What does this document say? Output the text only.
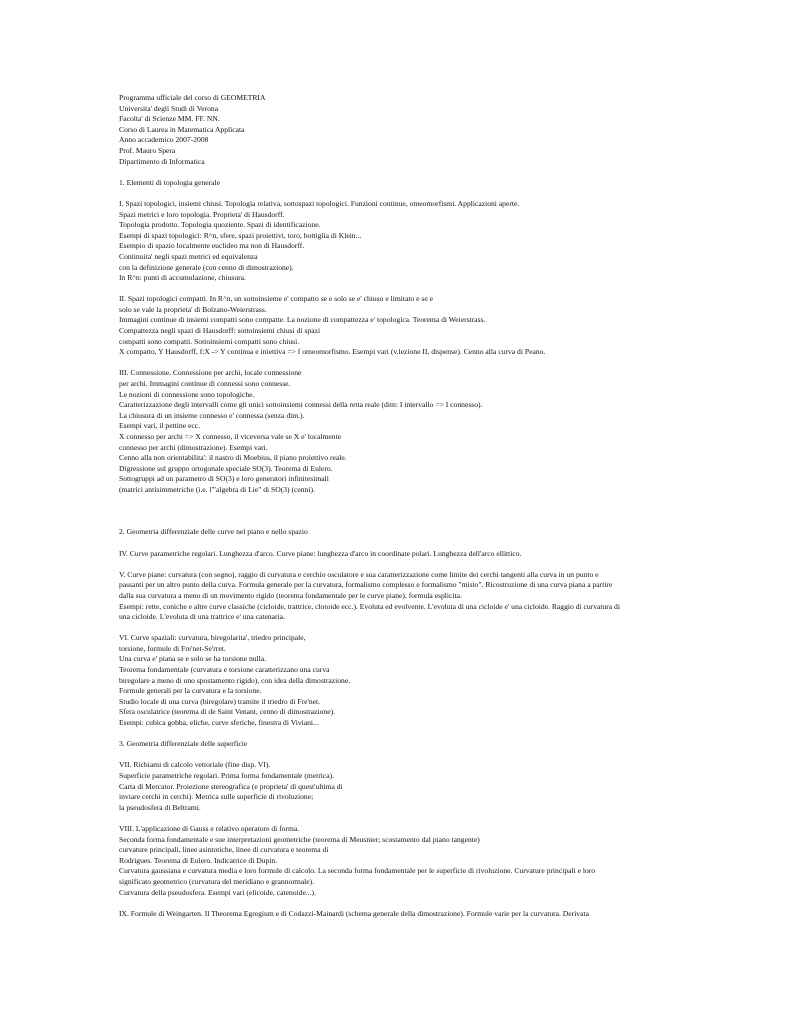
Programma ufficiale del corso di GEOMETRIA
Universita' degli Studi di Verona
Facolta' di Scienze MM. FF. NN.
Corso di Laurea in Matematica Applicata
Anno accademico 2007-2008
Prof. Mauro Spera
Dipartimento di Informatica
1. Elementi di topologia generale
I. Spazi topologici, insiemi chiusi. Topologia relativa, sottospazi topologici. Funzioni continue, omeomorfismi. Applicazioni aperte.
Spazi metrici e loro topologia. Proprieta' di Hausdorff.
Topologia prodotto. Topologia quoziente. Spazi di identificazione.
Esempi di spazi topologici: R^n, sfere, spazi proiettivi, toro, bottiglia di Klein...
Esempio di spazio localmente euclideo ma non di Hausdorff.
Continuita' negli spazi metrici ed equivalenza
con la definizione generale (con cenno di dimostrazione).
In R^n: punti di accumulazione, chiusura.
II. Spazi topologici compatti. In R^n, un sottoinsieme e' compatto se e solo se e' chiuso e limitato e se e
solo se vale la proprieta' di Bolzano-Weierstrass.
Immagini continue di insiemi compatti sono compatte. La nozione di compattezza e' topologica. Teorema di Weierstrass.
Compattezza negli spazi di Hausdorff: sottoinsiemi chiusi di spazi
compatti sono compatti. Sottoinsiemi compatti sono chiusi.
X compatto, Y Hausdorff, f:X -> Y continua e iniettiva => f omeomorfismo. Esempi vari (v.lezione II, dispense). Cenno alla curva di Peano.
III. Connessione. Connessione per archi, locale connessione
per archi. Immagini continue di connessi sono connesse.
Le nozioni di connessione sono topologiche.
Caratterizzazione degli intervalli come gli unici sottoinsiemi connessi della retta reale (dim: I intervallo => I connesso).
La chiusura di un insieme connesso e' connessa (senza dim.).
Esempi vari, il pettine ecc.
X connesso per archi => X connesso, il viceversa vale se X e' localmente
connesso per archi (dimostrazione). Esempi vari.
Cenno alla non orientabilita': il nastro di Moebius, il piano proiettivo reale.
Digressione sul gruppo ortogonale speciale SO(3). Teorema di Eulero.
Sottogruppi ad un parametro di SO(3) e loro generatori infinitesimali
(matrici antisimmetriche (i.e. l'"algebra di Lie" di SO(3) (cenni).
2. Geometria differenziale delle curve nel piano e nello spazio
IV. Curve parametriche regolari. Lunghezza d'arco. Curve piane: lunghezza d'arco in coordinate polari. Lunghezza dell'arco ellittico.
V. Curve piane: curvatura (con segno), raggio di curvatura e cerchio osculatore e sua caratterizzazione come limite dei cerchi tangenti alla curva in un punto e
passanti per un altro punto della curva. Formula generale per la curvatura, formalismo complesso e formalismo "misto". Ricostruzione di una curva piana a partire
dalla sua curvatura a meno di un movimento rigido (teorema fondamentale per le curve piane), formula esplicita.
Esempi: rette, coniche e altre curve classiche (cicloide, trattrice, clotoide ecc.). Evoluta ed evolvente. L'evoluta di una cicloide e' una cicloide. Raggio di curvatura di
una cicloide. L'evoluta di una trattrice e' una catenaria.
VI. Curve spaziali: curvatura, biregolarita', triedro principale,
torsione, formule di Fre'net-Se'rret.
Una curva e' piana se e solo se ha torsione nulla.
Teorema fondamentale (curvatura e torsione caratterizzano una curva
biregolare a meno di uno spostamento rigido), con idea della dimostrazione.
Formule generali per la curvatura e la torsione.
Studio locale di una curva (biregolare) tramite il triedro di Fre'net.
Sfera osculatrice (teorema di de Saint Venant, cenno di dimostrazione).
Esempi: cubica gobba, eliche, curve sferiche, finestra di Viviani...
3. Geometria differenziale delle superficie
VII. Richiami di calcolo vettoriale (fine disp. VI).
Superficie parametriche regolari. Prima forma fondamentale (metrica).
Carta di Mercator. Proiezione stereografica (e proprieta' di quest'ultima di
inviare cerchi in cerchi). Metrica sulle superficie di rivoluzione;
la pseudosfera di Beltrami.
VIII. L'applicazione di Gauss e relativo operatore di forma.
Seconda forma fondamentale e sue interpretazioni geometriche (teorema di Meusnier; scostamento dal piano tangente)
curvature principali, linee asintotiche, linee di curvatura e teorema di
Rodrigues. Teorema di Eulero. Indicatrice di Dupin.
Curvatura gaussiana e curvatura media e loro formule di calcolo. La seconda forma fondamentale per le superficie di rivoluzione. Curvature principali e loro
significato geometrico (curvatura del meridiano e grannormale).
Curvatura della pseudosfera. Esempi vari (elicoide, catenoide...).
IX. Formule di Weingarten. Il Theorema Egregium e di Codazzi-Mainardi (schema generale della dimostrazione). Formule varie per la curvatura. Derivata
